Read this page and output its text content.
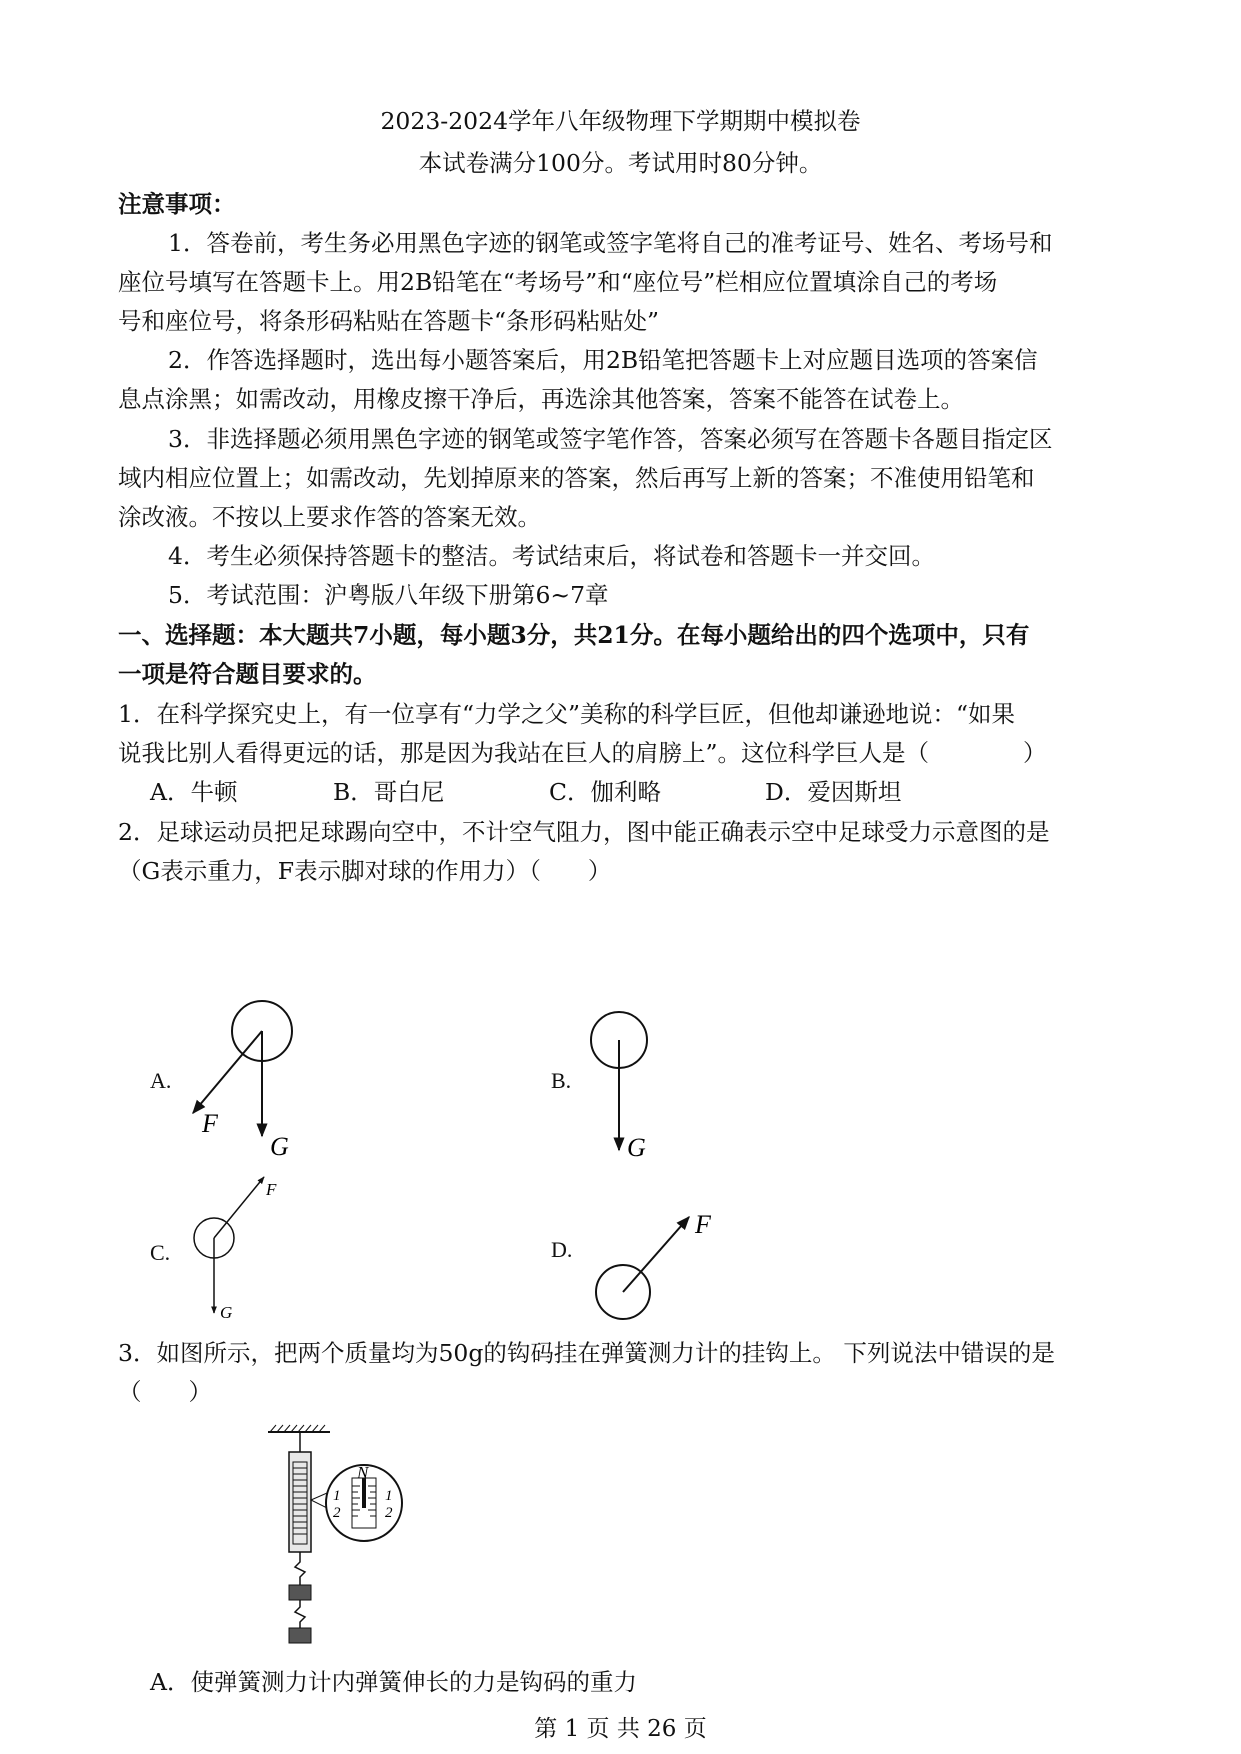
2023-2024学年八年级物理下学期期中模拟卷
本试卷满分100分。考试用时80分钟。
注意事项：
1．答卷前，考生务必用黑色字迹的钢笔或签字笔将自己的准考证号、姓名、考场号和
座位号填写在答题卡上。用2B铅笔在“考场号”和“座位号”栏相应位置填涂自己的考场
号和座位号，将条形码粘贴在答题卡“条形码粘贴处”
2．作答选择题时，选出每小题答案后，用2B铅笔把答题卡上对应题目选项的答案信
息点涂黑；如需改动，用橡皮擦干净后，再选涂其他答案，答案不能答在试卷上。
3．非选择题必须用黑色字迹的钢笔或签字笔作答，答案必须写在答题卡各题目指定区
域内相应位置上；如需改动，先划掉原来的答案，然后再写上新的答案；不准使用铅笔和
涂改液。不按以上要求作答的答案无效。
4．考生必须保持答题卡的整洁。考试结束后，将试卷和答题卡一并交回。
5．考试范围：沪粤版八年级下册第6~7章
一、选择题：本大题共7小题，每小题3分，共21分。在每小题给出的四个选项中，只有
一项是符合题目要求的。
1．在科学探究史上，有一位享有“力学之父”美称的科学巨匠，但他却谦逊地说：“如果
说我比别人看得更远的话，那是因为我站在巨人的肩膀上”。这位科学巨人是（　　　　）
A．牛顿	B．哥白尼	C．伽利略	D．爱因斯坦
2．足球运动员把足球踢向空中，不计空气阻力，图中能正确表示空中足球受力示意图的是
（G表示重力，F表示脚对球的作用力）（　　）
F
G	G
F
G
F
A.	B.
C.	D.
3．如图所示，把两个质量均为50g的钩码挂在弹簧测力计的挂钩上。 下列说法中错误的是
（　　）
N
1
2
1
2
A．使弹簧测力计内弹簧伸长的力是钩码的重力
第 1 页 共 26 页
